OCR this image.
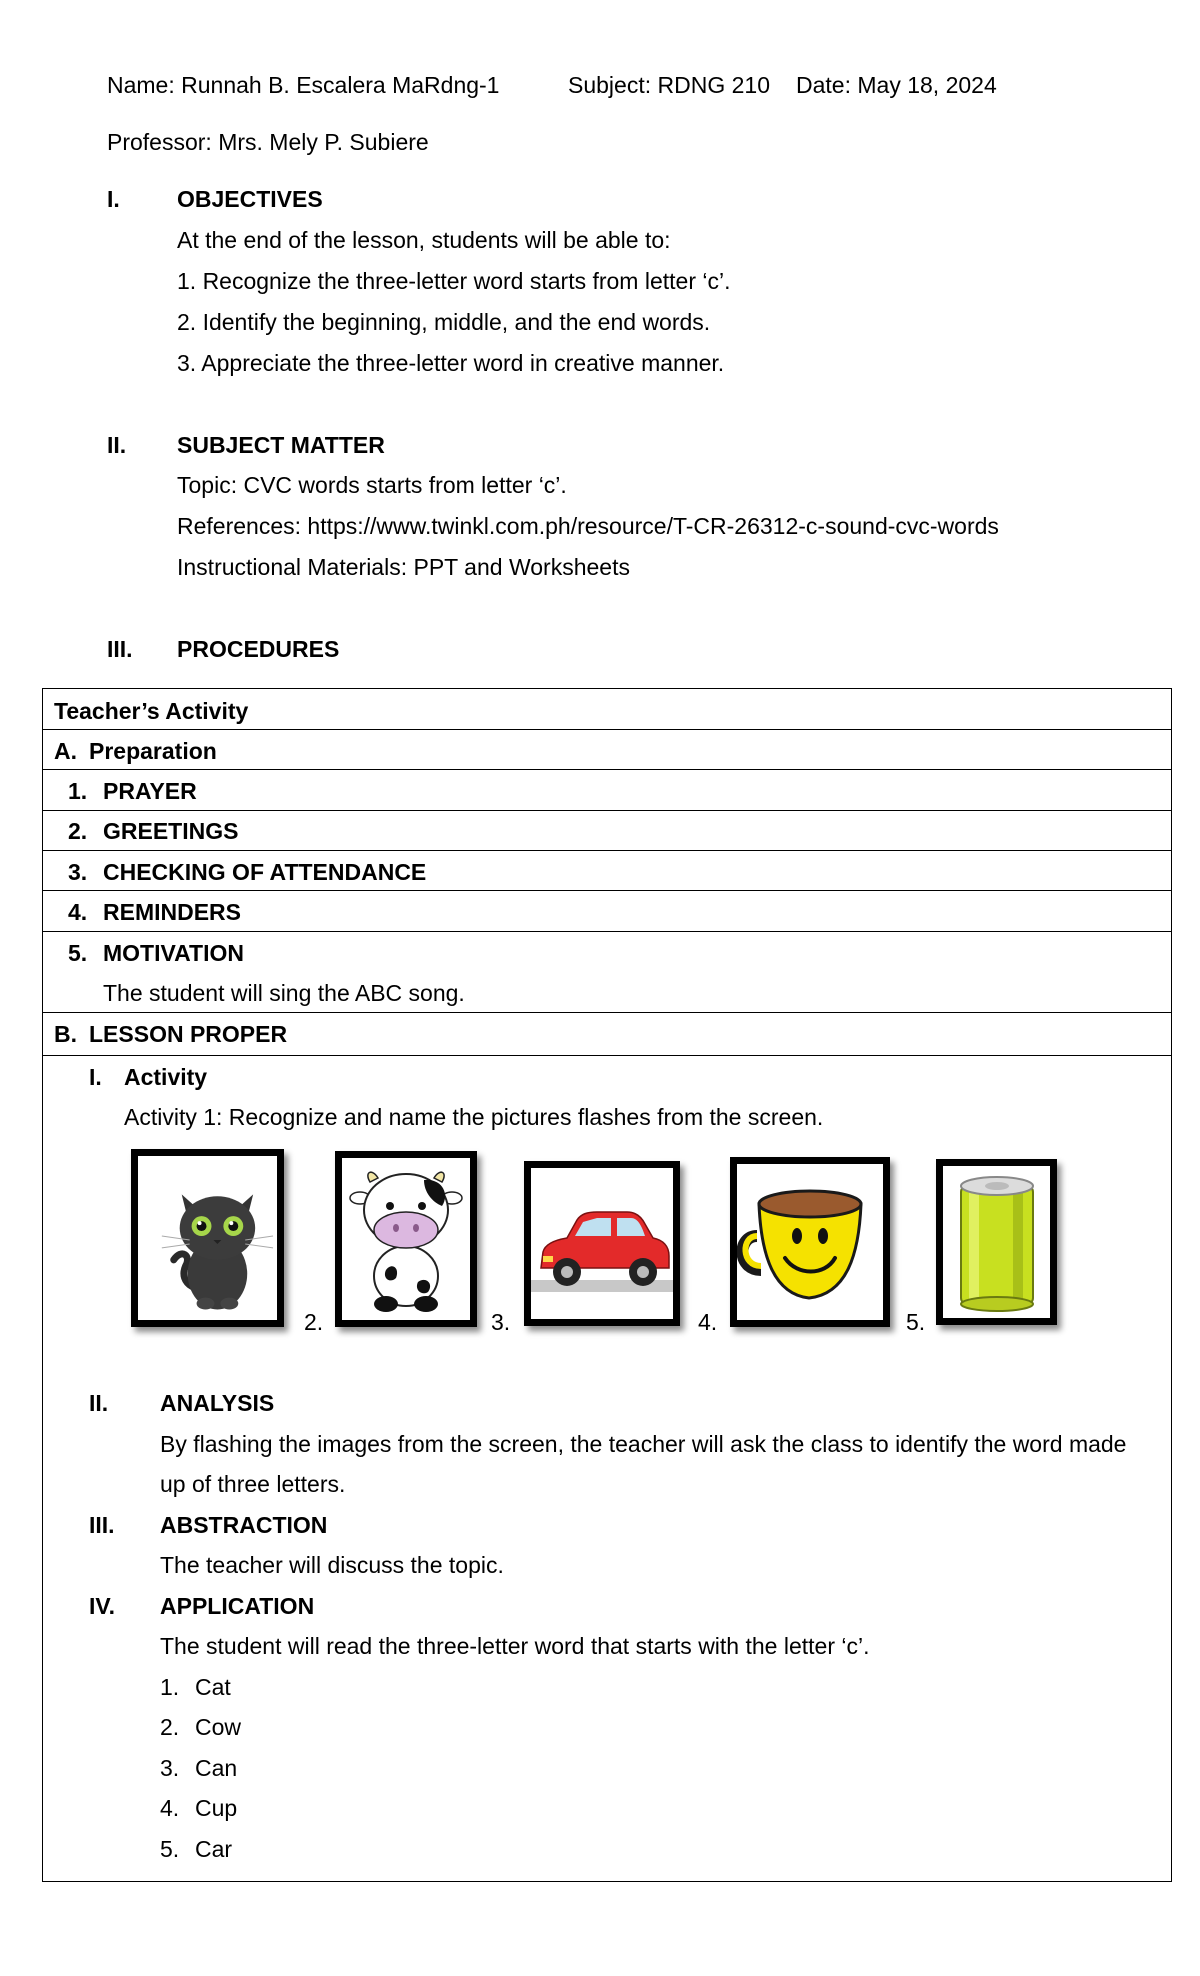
Name: Runnah B. Escalera MaRdng-1	Subject: RDNG 210 Date: May 18, 2024
Professor: Mrs. Mely P. Subiere
I. OBJECTIVES
At the end of the lesson, students will be able to:
1. Recognize the three-letter word starts from letter ‘c’.
2. Identify the beginning, middle, and the end words.
3. Appreciate the three-letter word in creative manner.
II. SUBJECT MATTER
Topic: CVC words starts from letter ‘c’.
References: https://www.twinkl.com.ph/resource/T-CR-26312-c-sound-cvc-words
Instructional Materials: PPT and Worksheets
III. PROCEDURES
Teacher’s Activity
A. Preparation
1. PRAYER
2. GREETINGS
3. CHECKING OF ATTENDANCE
4. REMINDERS
5. MOTIVATION
The student will sing the ABC song.
B. LESSON PROPER
I. Activity
Activity 1: Recognize and name the pictures flashes from the screen.
2.	3.	4.	5.
II. ANALYSIS
By flashing the images from the screen, the teacher will ask the class to identify the word made
up of three letters.
III. ABSTRACTION
The teacher will discuss the topic.
IV. APPLICATION
The student will read the three-letter word that starts with the letter ‘c’.
1. Cat
2. Cow
3. Can
4. Cup
5. Car
